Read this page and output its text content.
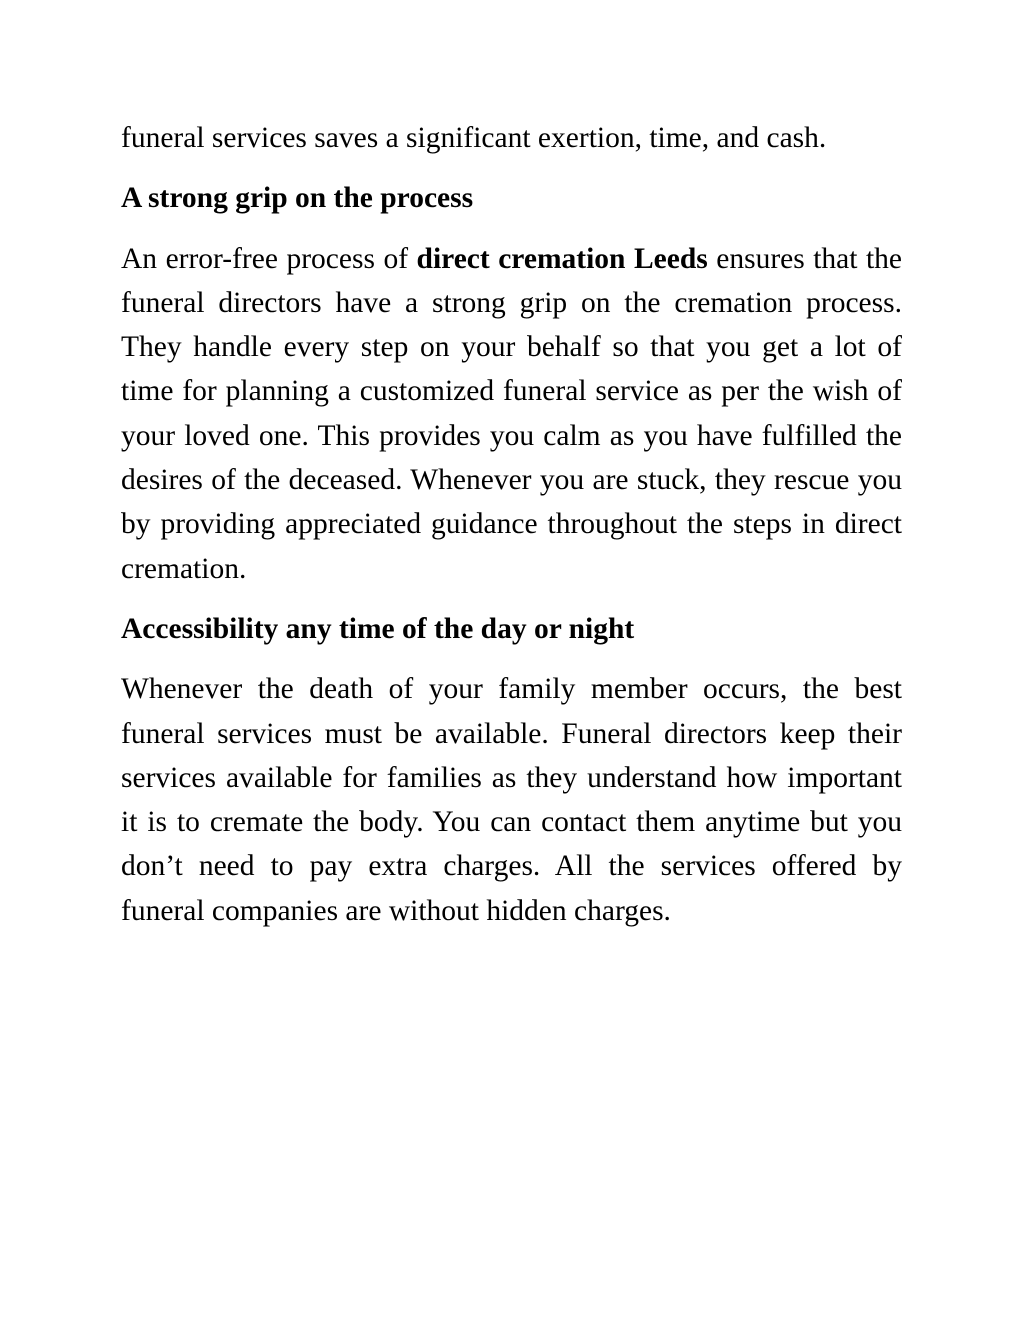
funeral services saves a significant exertion, time, and cash.

A strong grip on the process

An error-free process of direct cremation Leeds ensures that the funeral directors have a strong grip on the cremation process. They handle every step on your behalf so that you get a lot of time for planning a customized funeral service as per the wish of your loved one. This provides you calm as you have fulfilled the desires of the deceased. Whenever you are stuck, they rescue you by providing appreciated guidance throughout the steps in direct cremation.

Accessibility any time of the day or night

Whenever the death of your family member occurs, the best funeral services must be available. Funeral directors keep their services available for families as they understand how important it is to cremate the body. You can contact them anytime but you don’t need to pay extra charges. All the services offered by funeral companies are without hidden charges.
